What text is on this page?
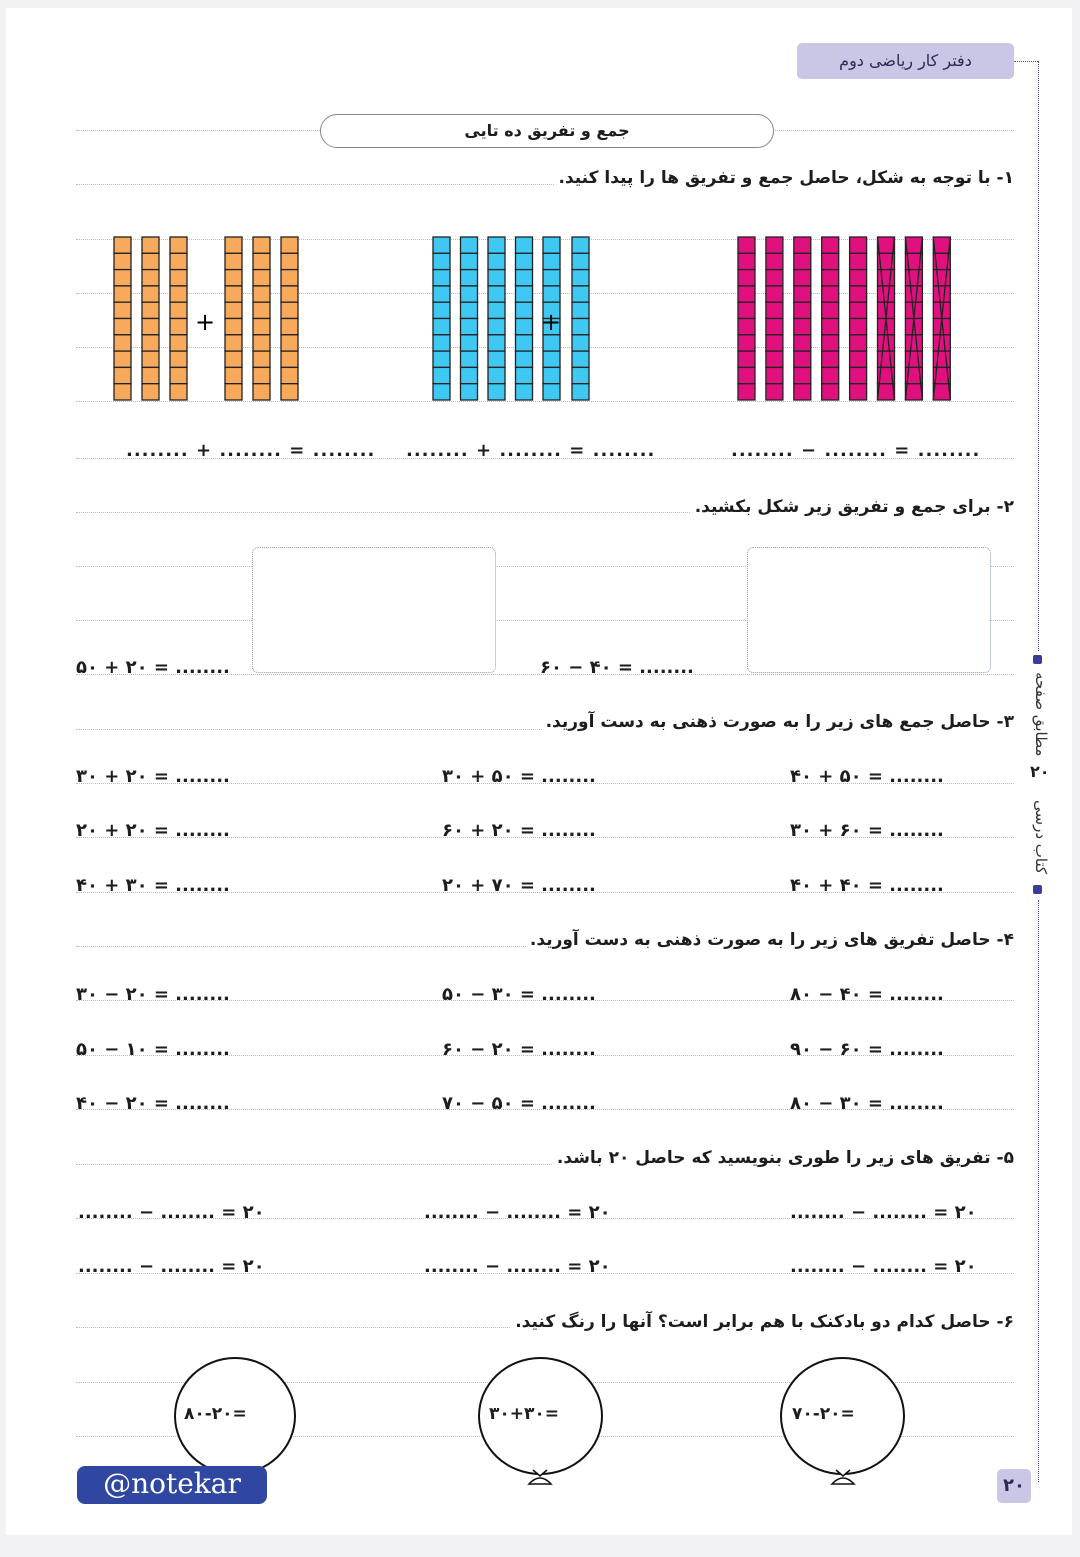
دفتر کار ریاضی دوم
مطابق صفحه
۲۰
کتاب درسی
جمع و تفریق ده تایی
۱- با توجه به شکل، حاصل جمع و تفریق ها را پیدا کنید.
+	+
........ + ........ = ........ ........ + ........ = ........	........ − ........ = ........
۲- برای جمع و تفریق زیر شکل بکشید.
۵۰ + ۲۰ = ........	۶۰ − ۴۰ = ........
۳- حاصل جمع های زیر را به صورت ذهنی به دست آورید.
۳۰ + ۲۰ = ........	۳۰ + ۵۰ = ........	۴۰ + ۵۰ = ........
۲۰ + ۲۰ = ........	۶۰ + ۲۰ = ........	۳۰ + ۶۰ = ........
۴۰ + ۳۰ = ........	۲۰ + ۷۰ = ........	۴۰ + ۴۰ = ........
۴- حاصل تفریق های زیر را به صورت ذهنی به دست آورید.
۳۰ − ۲۰ = ........	۵۰ − ۳۰ = ........	۸۰ − ۴۰ = ........
۵۰ − ۱۰ = ........	۶۰ − ۲۰ = ........	۹۰ − ۶۰ = ........
۴۰ − ۲۰ = ........	۷۰ − ۵۰ = ........	۸۰ − ۳۰ = ........
۵- تفریق های زیر را طوری بنویسید که حاصل ۲۰ باشد.
........ − ........ = ۲۰	........ − ........ = ۲۰	........ − ........ = ۲۰
........ − ........ = ۲۰	........ − ........ = ۲۰	........ − ........ = ۲۰
۶- حاصل کدام دو بادکنک با هم برابر است؟ آنها را رنگ کنید.
۸۰-۲۰=	۳۰+۳۰=	۷۰-۲۰=
@notekar	۲۰
